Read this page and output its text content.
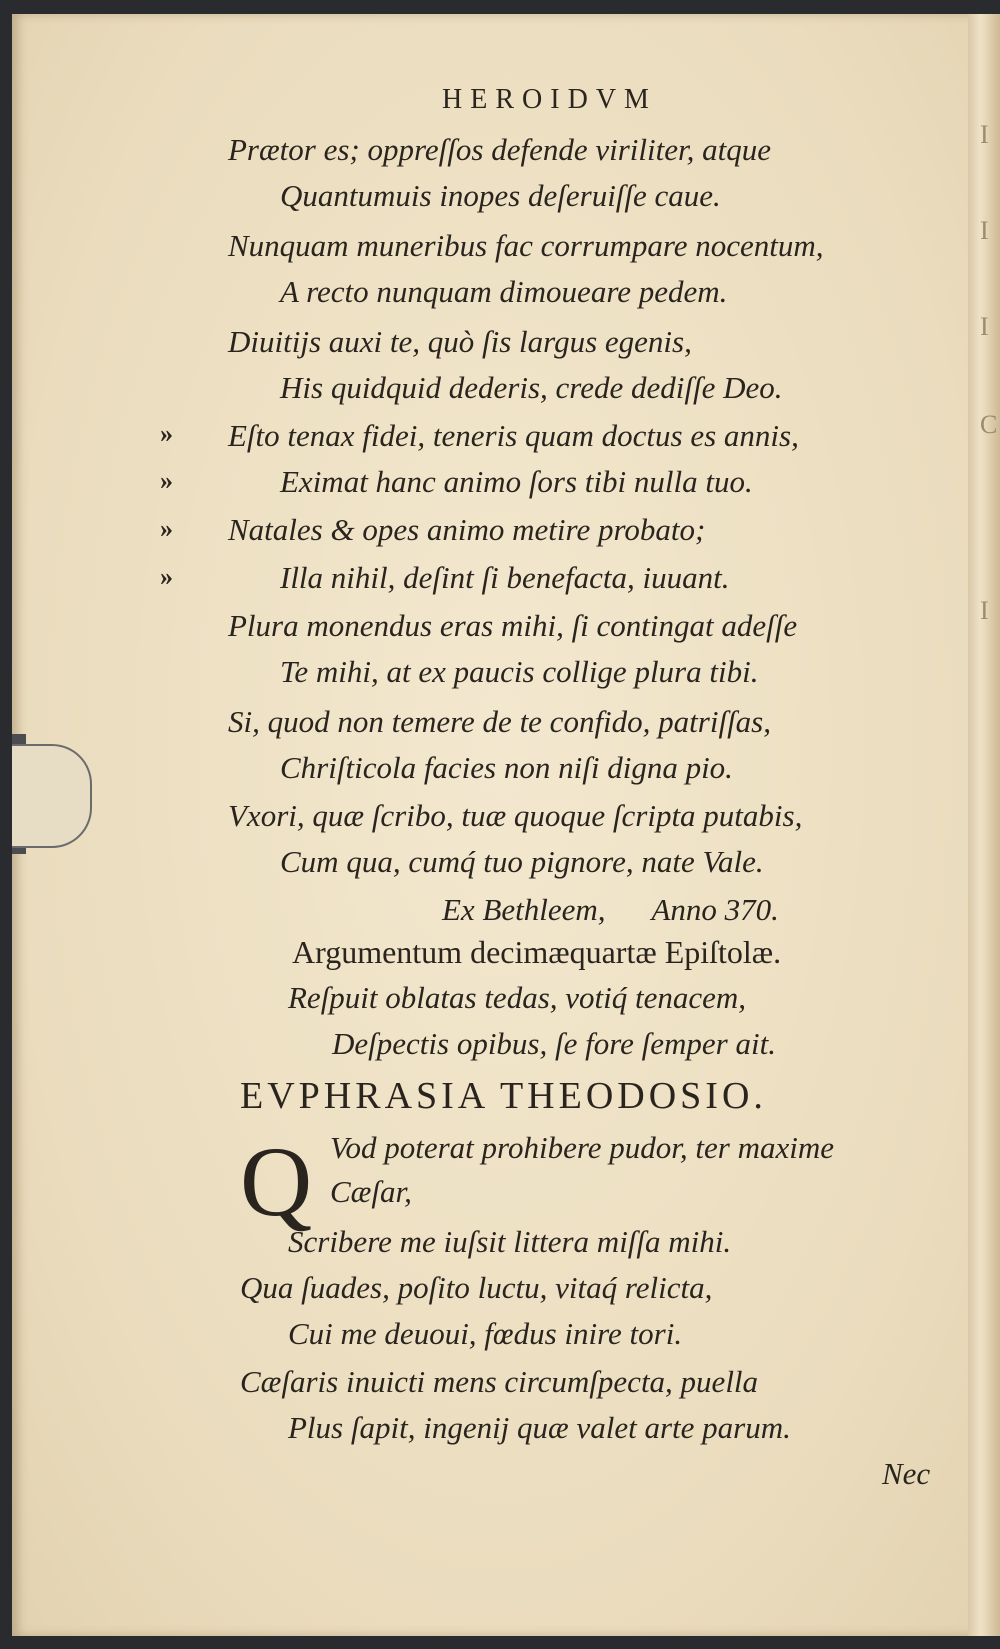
HEROIDVM
Prætor es; oppreſſos defende viriliter, atque
Quantumuis inopes deſeruiſſe caue.
Nunquam muneribus fac corrumpare nocentum,
A recto nunquam dimoueare pedem.
Diuitijs auxi te, quò ſis largus egenis,
His quidquid dederis, crede dediſſe Deo.
» Eſto tenax fidei, teneris quam doctus es annis,
»	Eximat hanc animo ſors tibi nulla tuo.
» Natales & opes animo metire probato;
»	Illa nihil, deſint ſi benefacta, iuuant.
Plura monendus eras mihi, ſi contingat adeſſe
Te mihi, at ex paucis collige plura tibi.
Si, quod non temere de te confido, patriſſas,
Chriſticola facies non niſi digna pio.
Vxori, quæ ſcribo, tuæ quoque ſcripta putabis,
Cum qua, cumq́ tuo pignore, nate Vale.
Ex Bethleem,      Anno 370.
Argumentum decimæquartæ Epiſtolæ.
Reſpuit oblatas tedas, votiq́ tenacem,
Deſpectis opibus, ſe fore ſemper ait.
EVPHRASIA THEODOSIO.
Q Vod poterat prohibere pudor, ter maxime
Cæſar,
Scribere me iuſsit littera miſſa mihi.
Qua ſuades, poſito luctu, vitaq́ relicta,
Cui me deuoui, fœdus inire tori.
Cæſaris inuicti mens circumſpecta, puella
Plus ſapit, ingenij quæ valet arte parum.
Nec
I
I
I
C
I
